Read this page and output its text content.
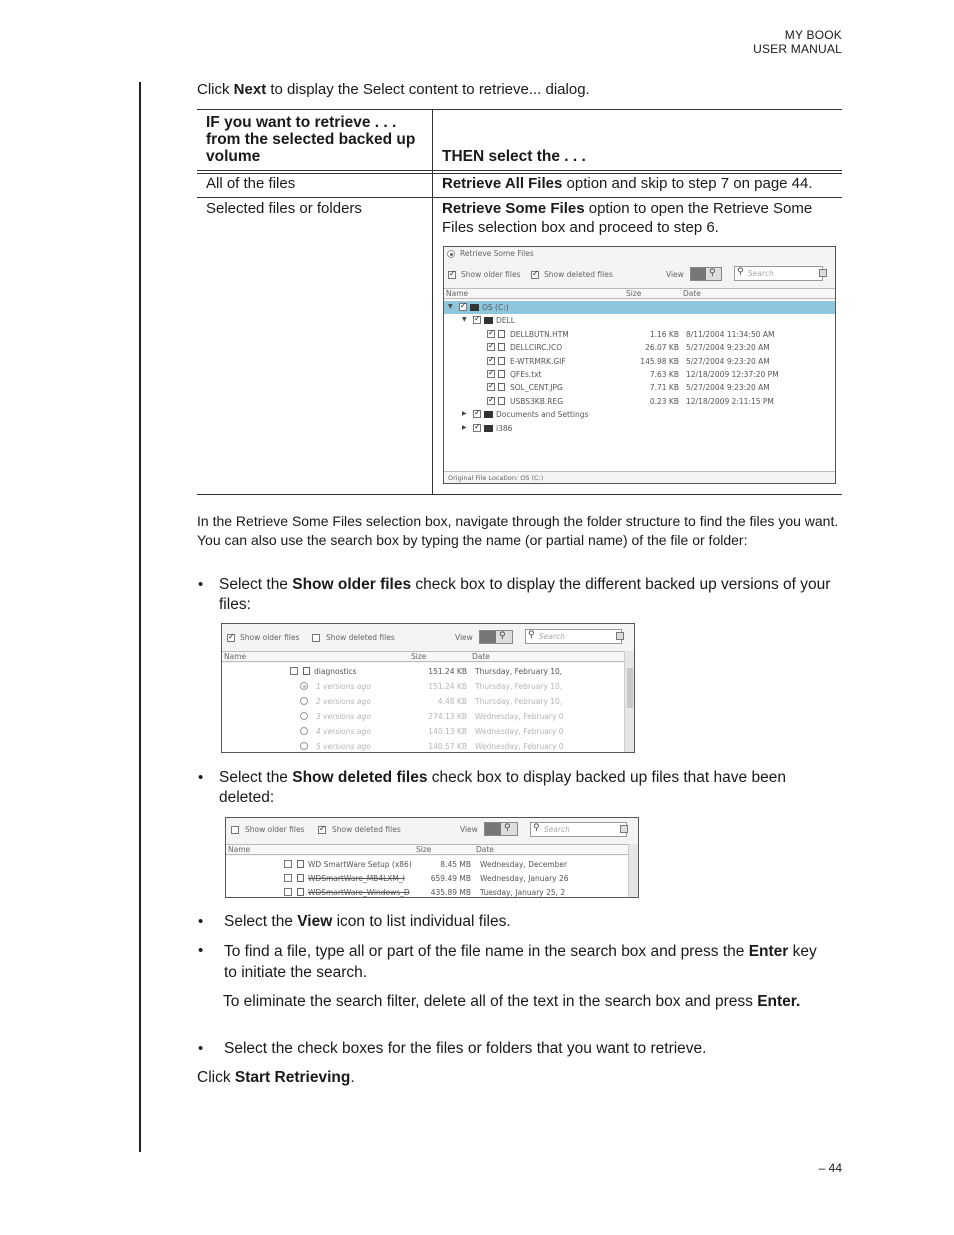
MY BOOK
USER MANUAL
Click Next to display the Select content to retrieve... dialog.
IF you want to retrieve . . . from the selected backed up volume	THEN select the . . .
All of the files	Retrieve All Files option and skip to step 7 on page 44.
Selected files or folders	Retrieve Some Files option to open the Retrieve Some Files selection box and proceed to step 6.
Retrieve Some Files
✓
Show older files ✓	Show deleted files	View	⚲ ⚲ Search
Name	Size	Date
▼ ✓	OS (C:)
▼ ✓	DELL
✓
DELLBUTN.HTM	1.16 KB 8/11/2004 11:34:50 AM
✓
DELLCIRC.ICO	26.07 KB 5/27/2004 9:23:20 AM
✓
E-WTRMRK.GIF	145.98 KB 5/27/2004 9:23:20 AM
✓
QFEs.txt	7.63 KB 12/18/2009 12:37:20 PM
✓
SOL_CENT.JPG	7.71 KB 5/27/2004 9:23:20 AM
✓
USBS3KB.REG	0.23 KB 12/18/2009 2:11:15 PM
▶ ✓	Documents and Settings
▶ ✓	i386
Original File Location: OS (C:)
In the Retrieve Some Files selection box, navigate through the folder structure to find the files you want. You can also use the search box by typing the name (or partial name) of the file or folder:
• Select the Show older files check box to display the different backed up versions of your files:
✓
Show older files	Show deleted files	View	⚲ ⚲ Search
Name	Size	Date
diagnostics	151.24 KB Thursday, February 10,
1 versions ago	151.24 KB Thursday, February 10,
2 versions ago	4.48 KB Thursday, February 10,
3 versions ago	274.13 KB Wednesday, February 0
4 versions ago	140.13 KB Wednesday, February 0
5 versions ago	140.57 KB Wednesday, February 0
• Select the Show deleted files check box to display backed up files that have been deleted:
Show older files ✓	Show deleted files	View	⚲ ⚲ Search
Name	Size	Date
WD SmartWare Setup (x86)	8.45 MB Wednesday, December
WDSmartWare_MB4LXM_I	659.49 MB Wednesday, January 26
WDSmartWare_Windows_D	435.89 MB Tuesday, January 25, 2
• Select the View icon to list individual files.
• To find a file, type all or part of the file name in the search box and press the Enter key to initiate the search.
To eliminate the search filter, delete all of the text in the search box and press Enter.
• Select the check boxes for the files or folders that you want to retrieve.
Click Start Retrieving.
– 44
